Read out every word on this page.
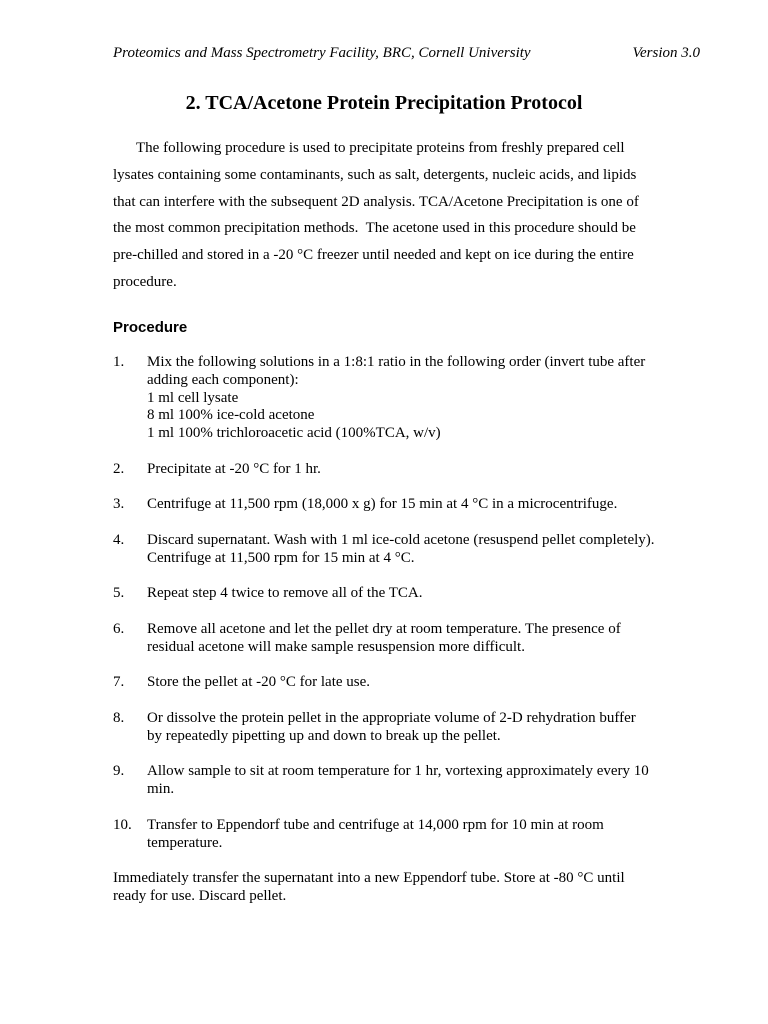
Proteomics and Mass Spectrometry Facility, BRC, Cornell University	Version 3.0
2. TCA/Acetone Protein Precipitation Protocol
The following procedure is used to precipitate proteins from freshly prepared cell
lysates containing some contaminants, such as salt, detergents, nucleic acids, and lipids
that can interfere with the subsequent 2D analysis. TCA/Acetone Precipitation is one of
the most common precipitation methods.  The acetone used in this procedure should be
pre-chilled and stored in a -20 °C freezer until needed and kept on ice during the entire
procedure.
Procedure
1. Mix the following solutions in a 1:8:1 ratio in the following order (invert tube after
adding each component):
1 ml cell lysate
8 ml 100% ice-cold acetone
1 ml 100% trichloroacetic acid (100%TCA, w/v)
2. Precipitate at -20 °C for 1 hr.
3. Centrifuge at 11,500 rpm (18,000 x g) for 15 min at 4 °C in a microcentrifuge.
4. Discard supernatant. Wash with 1 ml ice-cold acetone (resuspend pellet completely).
Centrifuge at 11,500 rpm for 15 min at 4 °C.
5. Repeat step 4 twice to remove all of the TCA.
6. Remove all acetone and let the pellet dry at room temperature. The presence of
residual acetone will make sample resuspension more difficult.
7. Store the pellet at -20 °C for late use.
8. Or dissolve the protein pellet in the appropriate volume of 2-D rehydration buffer
by repeatedly pipetting up and down to break up the pellet.
9. Allow sample to sit at room temperature for 1 hr, vortexing approximately every 10
min.
10. Transfer to Eppendorf tube and centrifuge at 14,000 rpm for 10 min at room
temperature.
Immediately transfer the supernatant into a new Eppendorf tube. Store at -80 °C until
ready for use. Discard pellet.
